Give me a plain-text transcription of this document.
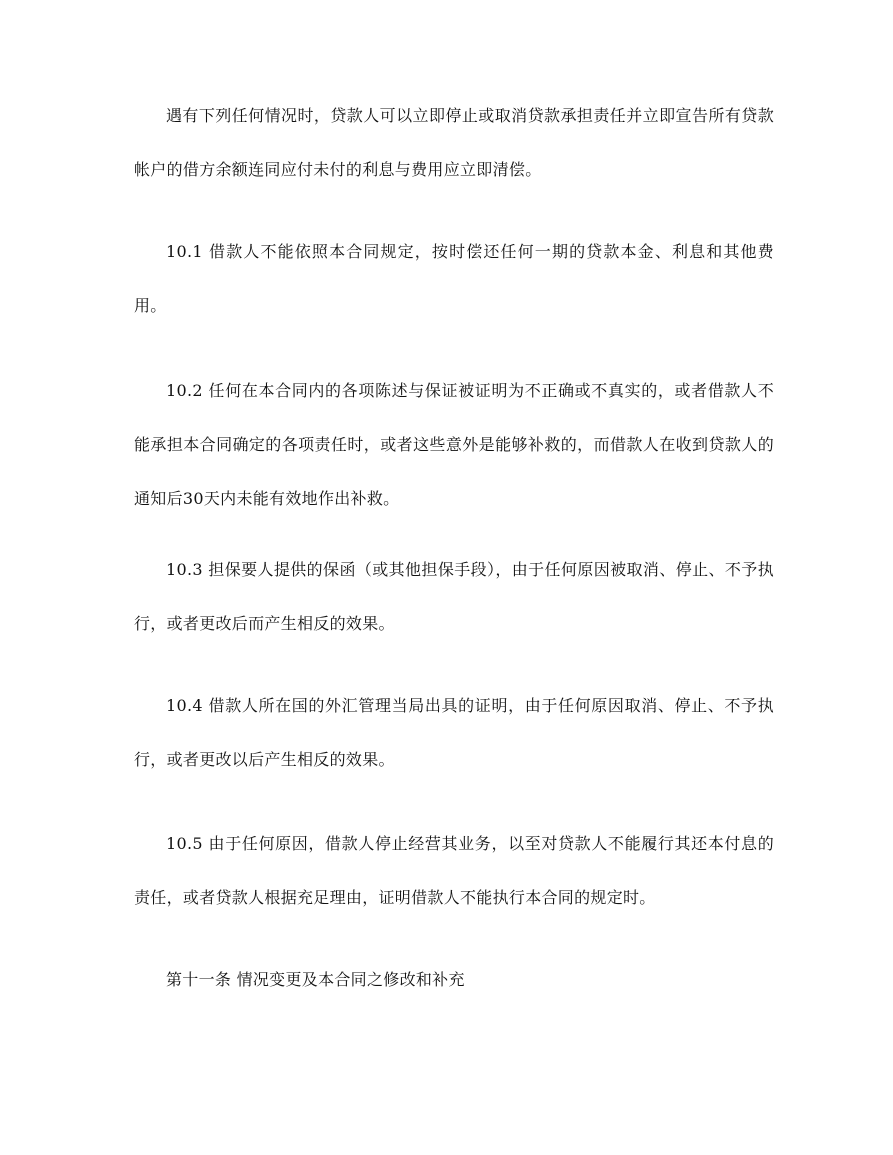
遇有下列任何情况时，贷款人可以立即停止或取消贷款承担责任并立即宣告所有贷款帐户的借方余额连同应付未付的利息与费用应立即清偿。

10.1 借款人不能依照本合同规定，按时偿还任何一期的贷款本金、利息和其他费用。

10.2 任何在本合同内的各项陈述与保证被证明为不正确或不真实的，或者借款人不能承担本合同确定的各项责任时，或者这些意外是能够补救的，而借款人在收到贷款人的通知后30天内未能有效地作出补救。

10.3 担保要人提供的保函（或其他担保手段），由于任何原因被取消、停止、不予执行，或者更改后而产生相反的效果。

10.4 借款人所在国的外汇管理当局出具的证明，由于任何原因取消、停止、不予执行，或者更改以后产生相反的效果。

10.5 由于任何原因，借款人停止经营其业务，以至对贷款人不能履行其还本付息的责任，或者贷款人根据充足理由，证明借款人不能执行本合同的规定时。

第十一条 情况变更及本合同之修改和补充
